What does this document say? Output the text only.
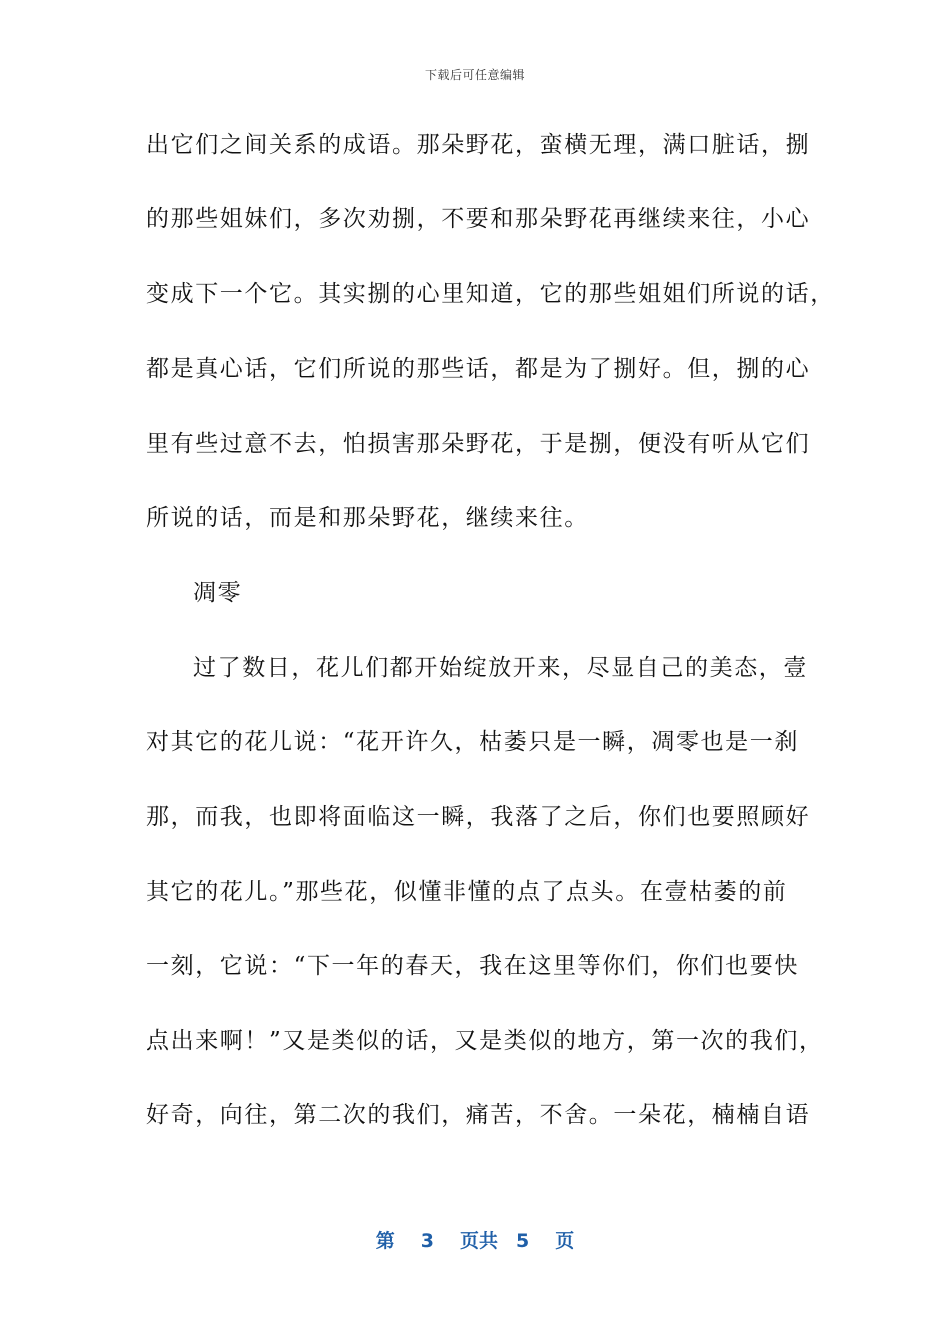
下载后可任意编辑
出它们之间关系的成语。那朵野花，蛮横无理，满口脏话，捌
的那些姐妹们，多次劝捌，不要和那朵野花再继续来往，小心
变成下一个它。其实捌的心里知道，它的那些姐姐们所说的话，
都是真心话，它们所说的那些话，都是为了捌好。但，捌的心
里有些过意不去，怕损害那朵野花，于是捌，便没有听从它们
所说的话，而是和那朵野花，继续来往。
凋零
过了数日，花儿们都开始绽放开来，尽显自己的美态，壹
对其它的花儿说：“花开许久，枯萎只是一瞬，凋零也是一刹
那，而我，也即将面临这一瞬，我落了之后，你们也要照顾好
其它的花儿。”那些花，似懂非懂的点了点头。在壹枯萎的前
一刻，它说：“下一年的春天，我在这里等你们，你们也要快
点出来啊！”又是类似的话，又是类似的地方，第一次的我们，
好奇，向往，第二次的我们，痛苦，不舍。一朵花，楠楠自语
第 3 页共 5 页
